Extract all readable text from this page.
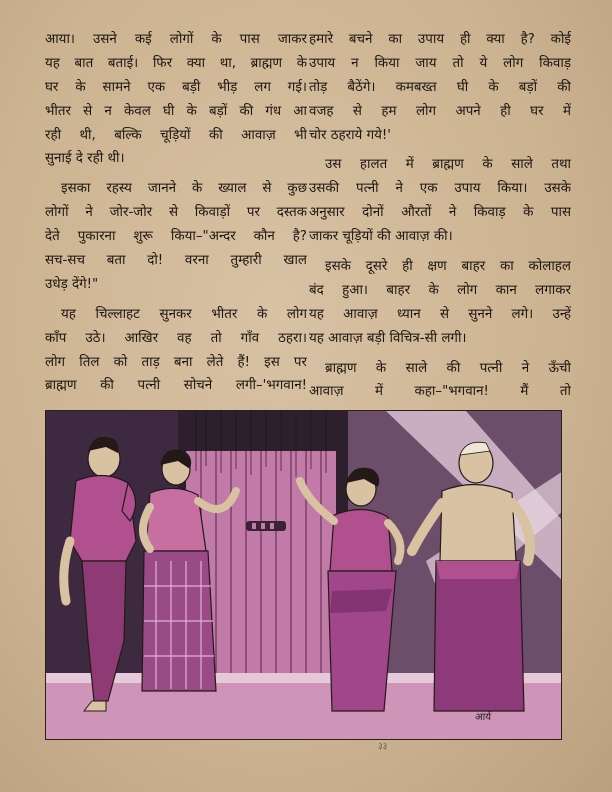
आया। उसने कई लोगों के पास जाकर
यह बात बताई। फिर क्या था, ब्राह्मण के
घर के सामने एक बड़ी भीड़ लग गई।
भीतर से न केवल घी के बड़ों की गंध आ
रही थी, बल्कि चूड़ियों की आवाज़ भी
सुनाई दे रही थी।
इसका रहस्य जानने के ख्याल से कुछ
लोगों ने जोर-जोर से किवाड़ों पर दस्तक
देते पुकारना शुरू किया–"अन्दर कौन है?
सच-सच बता दो! वरना तुम्हारी खाल
उधेड़ देंगे!"
यह चिल्लाहट सुनकर भीतर के लोग
काँप उठे। आखिर वह तो गाँव ठहरा।
लोग तिल को ताड़ बना लेते हैं! इस पर
ब्राह्मण की पत्नी सोचने लगी–'भगवान!
हमारे बचने का उपाय ही क्या है? कोई
उपाय न किया जाय तो ये लोग किवाड़
तोड़ बैठेंगे। कमबख्त घी के बड़ों की
वजह से हम लोग अपने ही घर में
चोर ठहराये गये!'
उस हालत में ब्राह्मण के साले तथा
उसकी पत्नी ने एक उपाय किया। उसके
अनुसार दोनों औरतों ने किवाड़ के पास
जाकर चूड़ियों की आवाज़ की।
इसके दूसरे ही क्षण बाहर का कोलाहल
बंद हुआ। बाहर के लोग कान लगाकर
यह आवाज़ ध्यान से सुनने लगे। उन्हें
यह आवाज़ बड़ी विचित्र-सी लगी।
ब्राह्मण के साले की पत्नी ने ऊँची
आवाज़ में कहा–"भगवान! मैं तो
आर्य
३३
